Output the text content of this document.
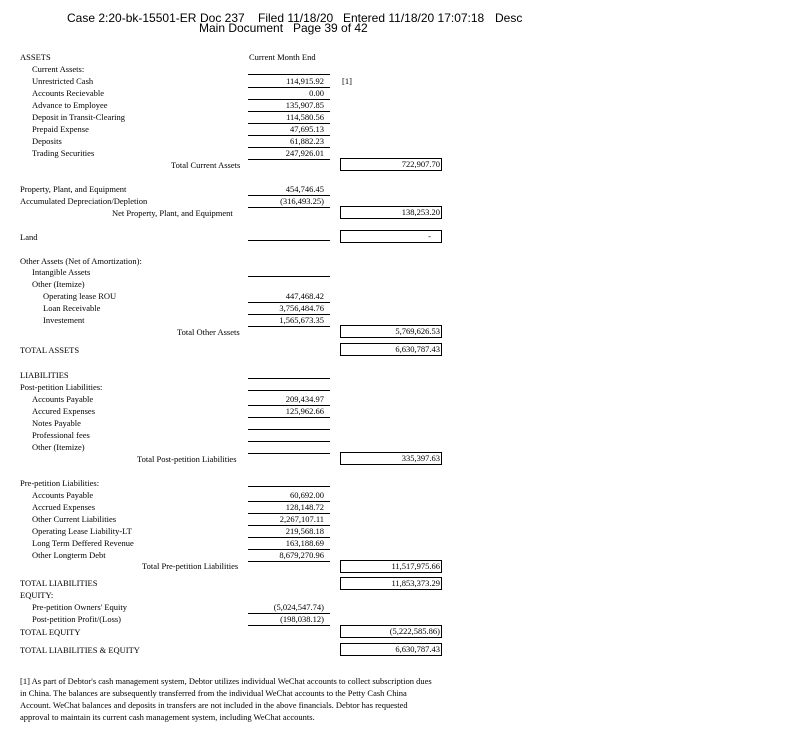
Case 2:20-bk-15501-ER Doc 237 Filed 11/18/20 Entered 11/18/20 17:07:18 Desc
Main Document Page 39 of 42
Current Month End
ASSETS
Current Assets:
Unrestricted Cash	114,915.92 [1]
Accounts Recievable	0.00
Advance to Employee	135,907.85
Deposit in Transit-Clearing	114,580.56
Prepaid Expense	47,695.13
Deposits	61,882.23
Trading Securities	247,926.01
Total Current Assets	722,907.70
Property, Plant, and Equipment	454,746.45
Accumulated Depreciation/Depletion	(316,493.25)
Net Property, Plant, and Equipment	138,253.20
Land	-
Other Assets (Net of Amortization):
Intangible Assets
Other (Itemize)
Operating lease ROU	447,468.42
Loan Receivable	3,756,484.76
Investement	1,565,673.35
Total Other Assets	5,769,626.53
TOTAL ASSETS	6,630,787.43
LIABILITIES
Post-petition Liabilities:
Accounts Payable	209,434.97
Accured Expenses	125,962.66
Notes Payable
Professional fees
Other (Itemize)
Total Post-petition Liabilities	335,397.63
Pre-petition Liabilities:
Accounts Payable	60,692.00
Accrued Expenses	128,148.72
Other Current Liabilities	2,267,107.11
Operating Lease Liability-LT	219,568.18
Long Term Deffered Revenue	163,188.69
Other Longterm Debt	8,679,270.96
Total Pre-petition Liabilities	11,517,975.66
TOTAL LIABILITIES	11,853,373.29
EQUITY:
Pre-petition Owners' Equity	(5,024,547.74)
Post-petition Profit/(Loss)	(198,038.12)
TOTAL EQUITY	(5,222,585.86)
TOTAL LIABILITIES & EQUITY	6,630,787.43
[1] As part of Debtor's cash management system, Debtor utilizes individual WeChat accounts to collect subscription dues in China. The balances are subsequently transferred from the individual WeChat accounts to the Petty Cash China Account. WeChat balances and deposits in transfers are not included in the above financials. Debtor has requested approval to maintain its current cash management system, including WeChat accounts.
